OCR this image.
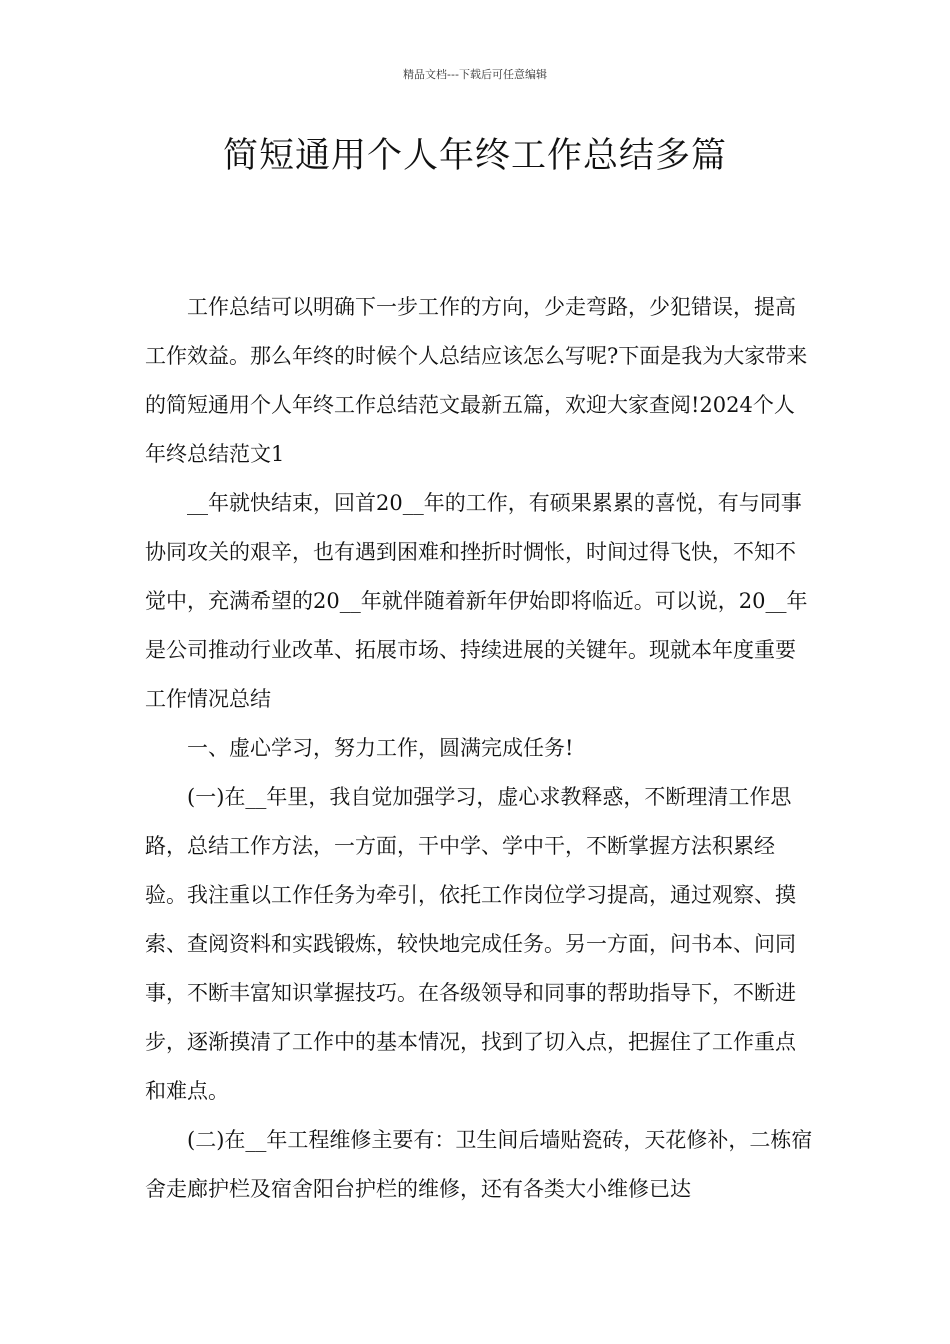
精品文档---下载后可任意编辑
简短通用个人年终工作总结多篇

工作总结可以明确下一步工作的方向，少走弯路，少犯错误，提高工作效益。那么年终的时候个人总结应该怎么写呢?下面是我为大家带来的简短通用个人年终工作总结范文最新五篇，欢迎大家查阅!2024个人年终总结范文1

__年就快结束，回首20__年的工作，有硕果累累的喜悦，有与同事协同攻关的艰辛，也有遇到困难和挫折时惆怅，时间过得飞快，不知不觉中，充满希望的20__年就伴随着新年伊始即将临近。可以说，20__年是公司推动行业改革、拓展市场、持续进展的关键年。现就本年度重要工作情况总结

一、虚心学习，努力工作，圆满完成任务!

(一)在__年里，我自觉加强学习，虚心求教释惑，不断理清工作思路，总结工作方法，一方面，干中学、学中干，不断掌握方法积累经验。我注重以工作任务为牵引，依托工作岗位学习提高，通过观察、摸索、查阅资料和实践锻炼，较快地完成任务。另一方面，问书本、问同事，不断丰富知识掌握技巧。在各级领导和同事的帮助指导下，不断进步，逐渐摸清了工作中的基本情况，找到了切入点，把握住了工作重点和难点。

(二)在__年工程维修主要有：卫生间后墙贴瓷砖，天花修补，二栋宿舍走廊护栏及宿舍阳台护栏的维修，还有各类大小维修已达
